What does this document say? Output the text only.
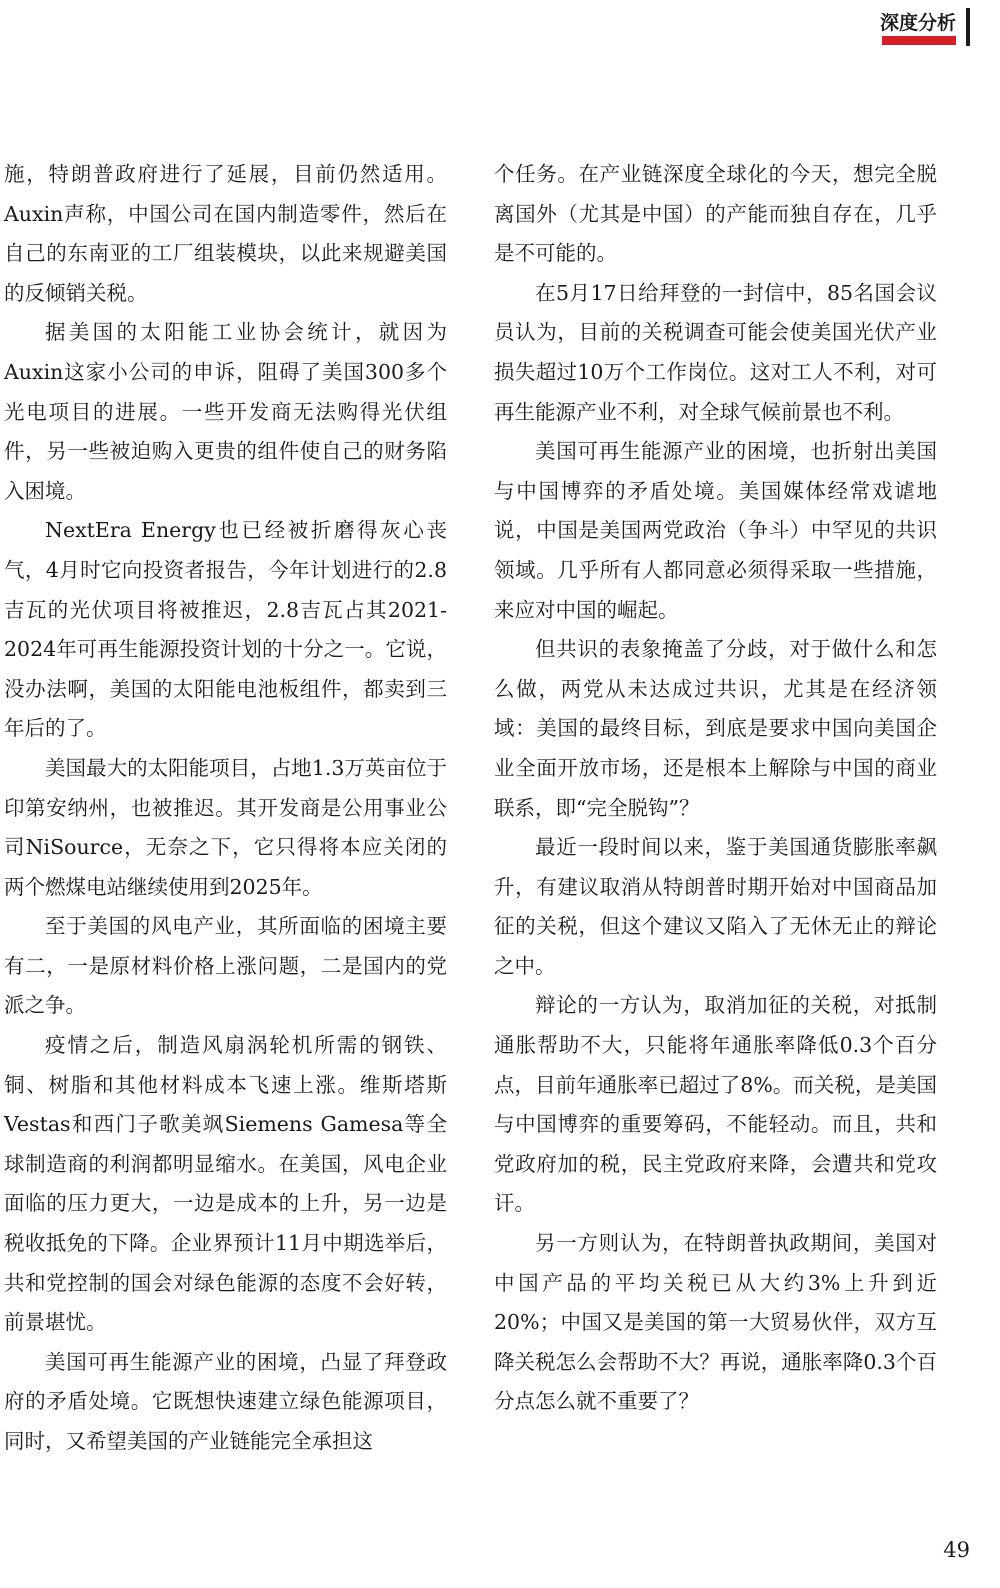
深度分析

施，特朗普政府进行了延展，目前仍然适用。Auxin声称，中国公司在国内制造零件，然后在自己的东南亚的工厂组装模块，以此来规避美国的反倾销关税。

据美国的太阳能工业协会统计，就因为Auxin这家小公司的申诉，阻碍了美国300多个光电项目的进展。一些开发商无法购得光伏组件，另一些被迫购入更贵的组件使自己的财务陷入困境。

NextEra Energy也已经被折磨得灰心丧气，4月时它向投资者报告，今年计划进行的2.8吉瓦的光伏项目将被推迟，2.8吉瓦占其2021-2024年可再生能源投资计划的十分之一。它说，没办法啊，美国的太阳能电池板组件，都卖到三年后的了。

美国最大的太阳能项目，占地1.3万英亩位于印第安纳州，也被推迟。其开发商是公用事业公司NiSource，无奈之下，它只得将本应关闭的两个燃煤电站继续使用到2025年。

至于美国的风电产业，其所面临的困境主要有二，一是原材料价格上涨问题，二是国内的党派之争。

疫情之后，制造风扇涡轮机所需的钢铁、铜、树脂和其他材料成本飞速上涨。维斯塔斯Vestas和西门子歌美飒Siemens Gamesa等全球制造商的利润都明显缩水。在美国，风电企业面临的压力更大，一边是成本的上升，另一边是税收抵免的下降。企业界预计11月中期选举后，共和党控制的国会对绿色能源的态度不会好转，前景堪忧。

美国可再生能源产业的困境，凸显了拜登政府的矛盾处境。它既想快速建立绿色能源项目，同时，又希望美国的产业链能完全承担这

个任务。在产业链深度全球化的今天，想完全脱离国外（尤其是中国）的产能而独自存在，几乎是不可能的。

在5月17日给拜登的一封信中，85名国会议员认为，目前的关税调查可能会使美国光伏产业损失超过10万个工作岗位。这对工人不利，对可再生能源产业不利，对全球气候前景也不利。

美国可再生能源产业的困境，也折射出美国与中国博弈的矛盾处境。美国媒体经常戏谑地说，中国是美国两党政治（争斗）中罕见的共识领域。几乎所有人都同意必须得采取一些措施，来应对中国的崛起。

但共识的表象掩盖了分歧，对于做什么和怎么做，两党从未达成过共识，尤其是在经济领域：美国的最终目标，到底是要求中国向美国企业全面开放市场，还是根本上解除与中国的商业联系，即“完全脱钩”？

最近一段时间以来，鉴于美国通货膨胀率飙升，有建议取消从特朗普时期开始对中国商品加征的关税，但这个建议又陷入了无休无止的辩论之中。

辩论的一方认为，取消加征的关税，对抵制通胀帮助不大，只能将年通胀率降低0.3个百分点，目前年通胀率已超过了8%。而关税，是美国与中国博弈的重要筹码，不能轻动。而且，共和党政府加的税，民主党政府来降，会遭共和党攻讦。

另一方则认为，在特朗普执政期间，美国对中国产品的平均关税已从大约3%上升到近20%；中国又是美国的第一大贸易伙伴，双方互降关税怎么会帮助不大？再说，通胀率降0.3个百分点怎么就不重要了？

49
